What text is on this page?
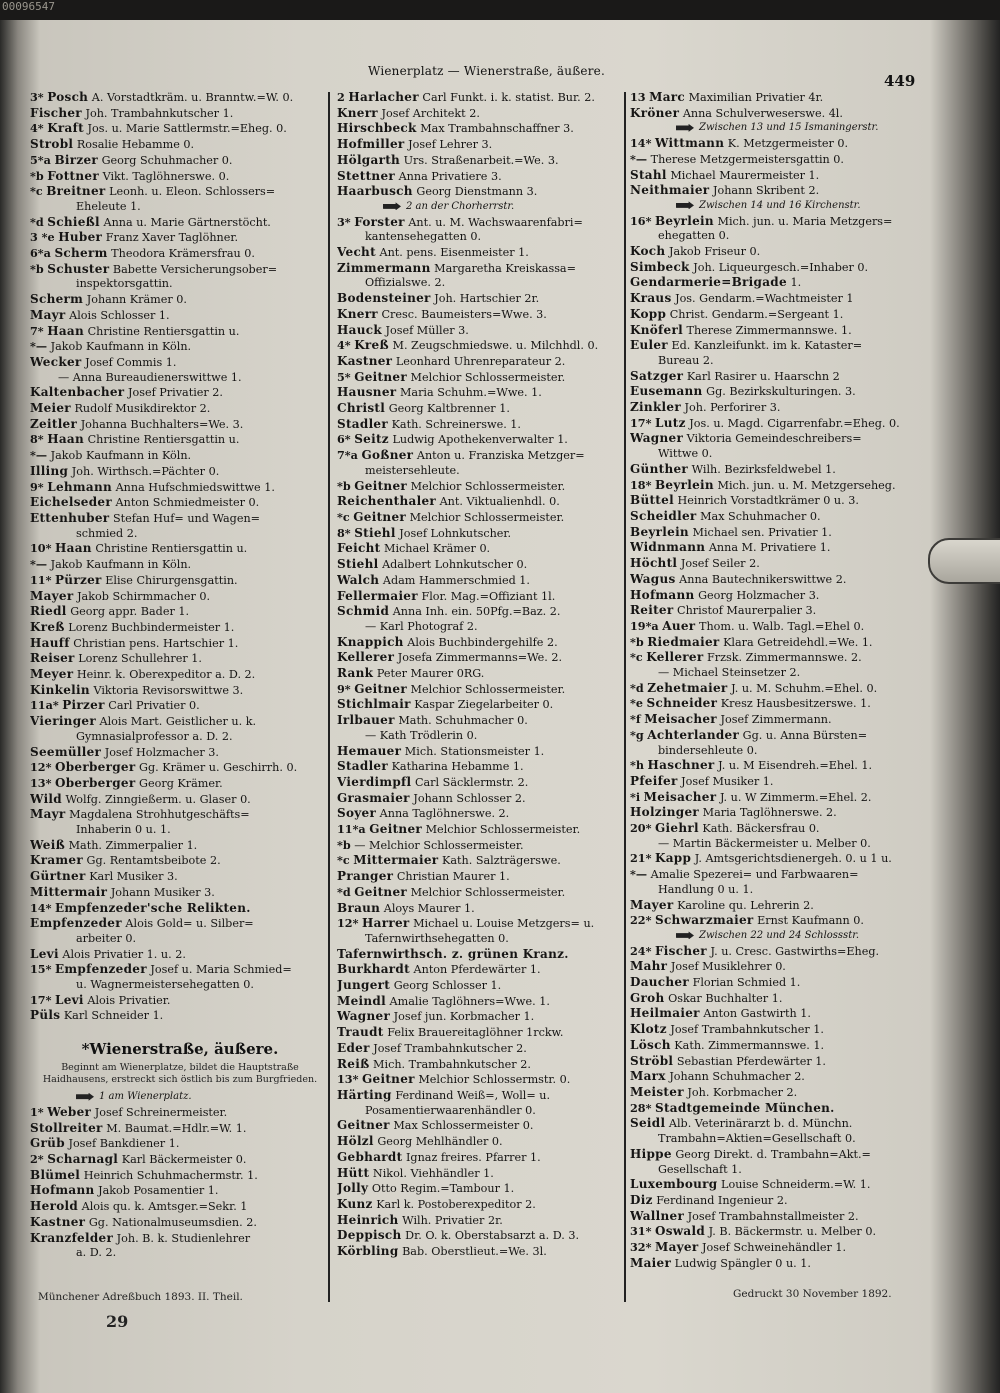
00096547
Wienerplatz — Wienerstraße, äußere.
449
3* Posch A. Vorstadtkräm. u. Branntw.=W. 0.
Fischer Joh. Trambahnkutscher 1.
4* Kraft Jos. u. Marie Sattlermstr.=Eheg. 0.
Strobl Rosalie Hebamme 0.
5*a Birzer Georg Schuhmacher 0.
*b Fottner Vikt. Taglöhnerswe. 0.
*c Breitner Leonh. u. Eleon. Schlossers=
Eheleute 1.
*d Schießl Anna u. Marie Gärtnerstöcht.
3 *e Huber Franz Xaver Taglöhner.
6*a Scherm Theodora Krämersfrau 0.
*b Schuster Babette Versicherungsober=
inspektorsgattin.
Scherm Johann Krämer 0.
Mayr Alois Schlosser 1.
7* Haan Christine Rentiersgattin u.
*— Jakob Kaufmann in Köln.
Wecker Josef Commis 1.
— Anna Bureaudienerswittwe 1.
Kaltenbacher Josef Privatier 2.
Meier Rudolf Musikdirektor 2.
Zeitler Johanna Buchhalters=We. 3.
8* Haan Christine Rentiersgattin u.
*— Jakob Kaufmann in Köln.
Illing Joh. Wirthsch.=Pächter 0.
9* Lehmann Anna Hufschmiedswittwe 1.
Eichelseder Anton Schmiedmeister 0.
Ettenhuber Stefan Huf= und Wagen=
schmied 2.
10* Haan Christine Rentiersgattin u.
*— Jakob Kaufmann in Köln.
11* Pürzer Elise Chirurgensgattin.
Mayer Jakob Schirmmacher 0.
Riedl Georg appr. Bader 1.
Kreß Lorenz Buchbindermeister 1.
Hauff Christian pens. Hartschier 1.
Reiser Lorenz Schullehrer 1.
Meyer Heinr. k. Oberexpeditor a. D. 2.
Kinkelin Viktoria Revisorswittwe 3.
11a* Pirzer Carl Privatier 0.
Vieringer Alois Mart. Geistlicher u. k.
Gymnasialprofessor a. D. 2.
Seemüller Josef Holzmacher 3.
12* Oberberger Gg. Krämer u. Geschirrh. 0.
13* Oberberger Georg Krämer.
Wild Wolfg. Zinngießerm. u. Glaser 0.
Mayr Magdalena Strohhutgeschäfts=
Inhaberin 0 u. 1.
Weiß Math. Zimmerpalier 1.
Kramer Gg. Rentamtsbeibote 2.
Gürtner Karl Musiker 3.
Mittermair Johann Musiker 3.
14* Empfenzeder'sche Relikten.
Empfenzeder Alois Gold= u. Silber=
arbeiter 0.
Levi Alois Privatier 1. u. 2.
15* Empfenzeder Josef u. Maria Schmied=
u. Wagnermeistersehegatten 0.
17* Levi Alois Privatier.
Püls Karl Schneider 1.
*Wienerstraße, äußere.
Beginnt am Wienerplatze, bildet die Hauptstraße Haidhausens, erstreckt sich östlich bis zum Burgfrieden.
1 am Wienerplatz.
1* Weber Josef Schreinermeister.
Stollreiter M. Baumat.=Hdlr.=W. 1.
Grüb Josef Bankdiener 1.
2* Scharnagl Karl Bäckermeister 0.
Blümel Heinrich Schuhmachermstr. 1.
Hofmann Jakob Posamentier 1.
Herold Alois qu. k. Amtsger.=Sekr. 1
Kastner Gg. Nationalmuseumsdien. 2.
Kranzfelder Joh. B. k. Studienlehrer
a. D. 2.
2 Harlacher Carl Funkt. i. k. statist. Bur. 2.
Knerr Josef Architekt 2.
Hirschbeck Max Trambahnschaffner 3.
Hofmiller Josef Lehrer 3.
Hölgarth Urs. Straßenarbeit.=We. 3.
Stettner Anna Privatiere 3.
Haarbusch Georg Dienstmann 3.
2 an der Chorherrstr.
3* Forster Ant. u. M. Wachswaarenfabri=
kantensehegatten 0.
Vecht Ant. pens. Eisenmeister 1.
Zimmermann Margaretha Kreiskassa=
Offizialswe. 2.
Bodensteiner Joh. Hartschier 2r.
Knerr Cresc. Baumeisters=Wwe. 3.
Hauck Josef Müller 3.
4* Kreß M. Zeugschmiedswe. u. Milchhdl. 0.
Kastner Leonhard Uhrenreparateur 2.
5* Geitner Melchior Schlossermeister.
Hausner Maria Schuhm.=Wwe. 1.
Christl Georg Kaltbrenner 1.
Stadler Kath. Schreinerswe. 1.
6* Seitz Ludwig Apothekenverwalter 1.
7*a Goßner Anton u. Franziska Metzger=
meistersehleute.
*b Geitner Melchior Schlossermeister.
Reichenthaler Ant. Viktualienhdl. 0.
*c Geitner Melchior Schlossermeister.
8* Stiehl Josef Lohnkutscher.
Feicht Michael Krämer 0.
Stiehl Adalbert Lohnkutscher 0.
Walch Adam Hammerschmied 1.
Fellermaier Flor. Mag.=Offiziant 1l.
Schmid Anna Inh. ein. 50Pfg.=Baz. 2.
— Karl Photograf 2.
Knappich Alois Buchbindergehilfe 2.
Kellerer Josefa Zimmermanns=We. 2.
Rank Peter Maurer 0RG.
9* Geitner Melchior Schlossermeister.
Stichlmair Kaspar Ziegelarbeiter 0.
Irlbauer Math. Schuhmacher 0.
— Kath Trödlerin 0.
Hemauer Mich. Stationsmeister 1.
Stadler Katharina Hebamme 1.
Vierdimpfl Carl Säcklermstr. 2.
Grasmaier Johann Schlosser 2.
Soyer Anna Taglöhnerswe. 2.
11*a Geitner Melchior Schlossermeister.
*b — Melchior Schlossermeister.
*c Mittermaier Kath. Salzträgerswe.
Pranger Christian Maurer 1.
*d Geitner Melchior Schlossermeister.
Braun Aloys Maurer 1.
12* Harrer Michael u. Louise Metzgers= u.
Tafernwirthsehegatten 0.
Tafernwirthsch. z. grünen Kranz.
Burkhardt Anton Pferdewärter 1.
Jungert Georg Schlosser 1.
Meindl Amalie Taglöhners=Wwe. 1.
Wagner Josef jun. Korbmacher 1.
Traudt Felix Brauereitaglöhner 1rckw.
Eder Josef Trambahnkutscher 2.
Reiß Mich. Trambahnkutscher 2.
13* Geitner Melchior Schlossermstr. 0.
Härting Ferdinand Weiß=, Woll= u.
Posamentierwaarenhändler 0.
Geitner Max Schlossermeister 0.
Hölzl Georg Mehlhändler 0.
Gebhardt Ignaz freires. Pfarrer 1.
Hütt Nikol. Viehhändler 1.
Jolly Otto Regim.=Tambour 1.
Kunz Karl k. Postoberexpeditor 2.
Heinrich Wilh. Privatier 2r.
Deppisch Dr. O. k. Oberstabsarzt a. D. 3.
Körbling Bab. Oberstlieut.=We. 3l.
13 Marc Maximilian Privatier 4r.
Kröner Anna Schulverweserswe. 4l.
Zwischen 13 und 15 Ismaningerstr.
14* Wittmann K. Metzgermeister 0.
*— Therese Metzgermeistersgattin 0.
Stahl Michael Maurermeister 1.
Neithmaier Johann Skribent 2.
Zwischen 14 und 16 Kirchenstr.
16* Beyrlein Mich. jun. u. Maria Metzgers=
ehegatten 0.
Koch Jakob Friseur 0.
Simbeck Joh. Liqueurgesch.=Inhaber 0.
Gendarmerie=Brigade 1.
Kraus Jos. Gendarm.=Wachtmeister 1
Kopp Christ. Gendarm.=Sergeant 1.
Knöferl Therese Zimmermannswe. 1.
Euler Ed. Kanzleifunkt. im k. Kataster=
Bureau 2.
Satzger Karl Rasirer u. Haarschn 2
Eusemann Gg. Bezirkskulturingen. 3.
Zinkler Joh. Perforirer 3.
17* Lutz Jos. u. Magd. Cigarrenfabr.=Eheg. 0.
Wagner Viktoria Gemeindeschreibers=
Wittwe 0.
Günther Wilh. Bezirksfeldwebel 1.
18* Beyrlein Mich. jun. u. M. Metzgerseheg.
Büttel Heinrich Vorstadtkrämer 0 u. 3.
Scheidler Max Schuhmacher 0.
Beyrlein Michael sen. Privatier 1.
Widnmann Anna M. Privatiere 1.
Höchtl Josef Seiler 2.
Wagus Anna Bautechnikerswittwe 2.
Hofmann Georg Holzmacher 3.
Reiter Christof Maurerpalier 3.
19*a Auer Thom. u. Walb. Tagl.=Ehel 0.
*b Riedmaier Klara Getreidehdl.=We. 1.
*c Kellerer Frzsk. Zimmermannswe. 2.
— Michael Steinsetzer 2.
*d Zehetmaier J. u. M. Schuhm.=Ehel. 0.
*e Schneider Kresz Hausbesitzerswe. 1.
*f Meisacher Josef Zimmermann.
*g Achterlander Gg. u. Anna Bürsten=
bindersehleute 0.
*h Haschner J. u. M Eisendreh.=Ehel. 1.
Pfeifer Josef Musiker 1.
*i Meisacher J. u. W Zimmerm.=Ehel. 2.
Holzinger Maria Taglöhnerswe. 2.
20* Giehrl Kath. Bäckersfrau 0.
— Martin Bäckermeister u. Melber 0.
21* Kapp J. Amtsgerichtsdienergeh. 0. u 1 u.
*— Amalie Spezerei= und Farbwaaren=
Handlung 0 u. 1.
Mayer Karoline qu. Lehrerin 2.
22* Schwarzmaier Ernst Kaufmann 0.
Zwischen 22 und 24 Schlossstr.
24* Fischer J. u. Cresc. Gastwirths=Eheg.
Mahr Josef Musiklehrer 0.
Daucher Florian Schmied 1.
Groh Oskar Buchhalter 1.
Heilmaier Anton Gastwirth 1.
Klotz Josef Trambahnkutscher 1.
Lösch Kath. Zimmermannswe. 1.
Ströbl Sebastian Pferdewärter 1.
Marx Johann Schuhmacher 2.
Meister Joh. Korbmacher 2.
28* Stadtgemeinde München.
Seidl Alb. Veterinärarzt b. d. Münchn.
Trambahn=Aktien=Gesellschaft 0.
Hippe Georg Direkt. d. Trambahn=Akt.=
Gesellschaft 1.
Luxembourg Louise Schneiderm.=W. 1.
Diz Ferdinand Ingenieur 2.
Wallner Josef Trambahnstallmeister 2.
31* Oswald J. B. Bäckermstr. u. Melber 0.
32* Mayer Josef Schweinehändler 1.
Maier Ludwig Spängler 0 u. 1.
Münchener Adreßbuch 1893. II. Theil.
29
Gedruckt 30 November 1892.
